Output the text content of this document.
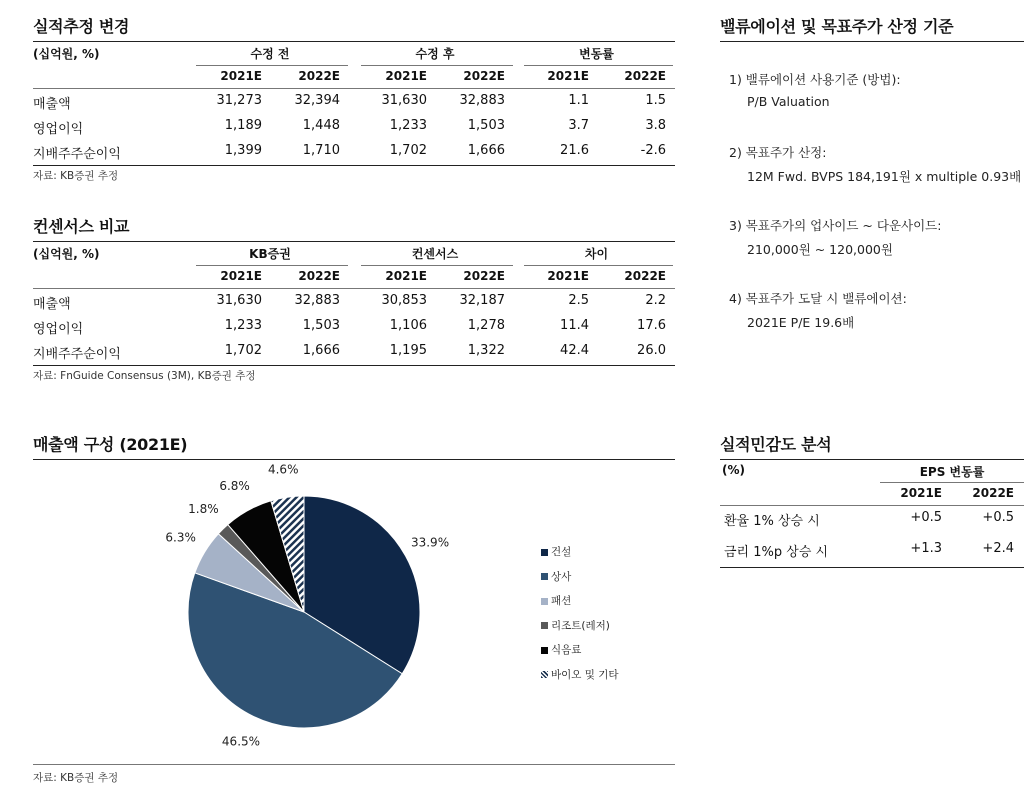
실적추정 변경
(십억원, %)	수정 전	수정 후	변동률
2021E	2022E	2021E	2022E	2021E	2022E
매출액	31,273	32,394	31,630	32,883	1.1	1.5
영업이익	1,189	1,448	1,233	1,503	3.7	3.8
지배주주순이익	1,399	1,710	1,702	1,666	21.6	-2.6
자료: KB증권 추정
컨센서스 비교
(십억원, %)	KB증권	컨센서스	차이
2021E	2022E	2021E	2022E	2021E	2022E
매출액	31,630	32,883	30,853	32,187	2.5	2.2
영업이익	1,233	1,503	1,106	1,278	11.4	17.6
지배주주순이익	1,702	1,666	1,195	1,322	42.4	26.0
자료: FnGuide Consensus (3M), KB증권 추정
밸류에이션 및 목표주가 산정 기준
1) 밸류에이션 사용기준 (방법):
P/B Valuation
2) 목표주가 산정:
12M Fwd. BVPS 184,191원 x multiple 0.93배
3) 목표주가의 업사이드 ~ 다운사이드:
210,000원 ~ 120,000원
4) 목표주가 도달 시 밸류에이션:
2021E P/E 19.6배
실적민감도 분석
(%)	EPS 변동률
2021E	2022E
환율 1% 상승 시	+0.5	+0.5
금리 1%p 상승 시	+1.3	+2.4
매출액 구성 (2021E)
33.9%
46.5%
6.3%
1.8%
6.8%
4.6%
건설
상사
패션
리조트(레저)
식음료
바이오 및 기타
자료: KB증권 추정
